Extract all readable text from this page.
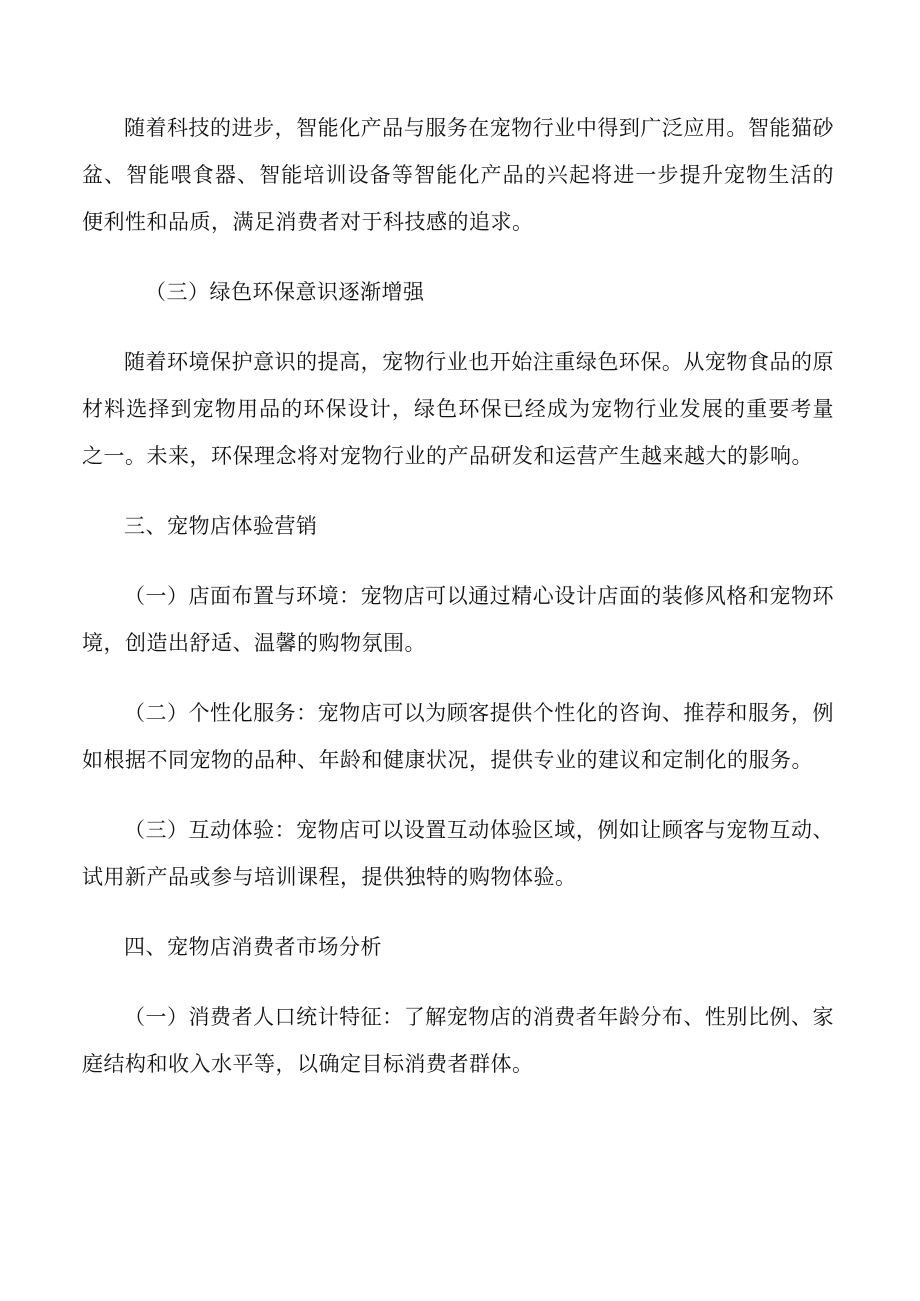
随着科技的进步，智能化产品与服务在宠物行业中得到广泛应用。智能猫砂盆、智能喂食器、智能培训设备等智能化产品的兴起将进一步提升宠物生活的便利性和品质，满足消费者对于科技感的追求。

（三）绿色环保意识逐渐增强

随着环境保护意识的提高，宠物行业也开始注重绿色环保。从宠物食品的原材料选择到宠物用品的环保设计，绿色环保已经成为宠物行业发展的重要考量之一。未来，环保理念将对宠物行业的产品研发和运营产生越来越大的影响。

三、宠物店体验营销

（一）店面布置与环境：宠物店可以通过精心设计店面的装修风格和宠物环境，创造出舒适、温馨的购物氛围。

（二）个性化服务：宠物店可以为顾客提供个性化的咨询、推荐和服务，例如根据不同宠物的品种、年龄和健康状况，提供专业的建议和定制化的服务。

（三）互动体验：宠物店可以设置互动体验区域，例如让顾客与宠物互动、试用新产品或参与培训课程，提供独特的购物体验。

四、宠物店消费者市场分析

（一）消费者人口统计特征：了解宠物店的消费者年龄分布、性别比例、家庭结构和收入水平等，以确定目标消费者群体。
